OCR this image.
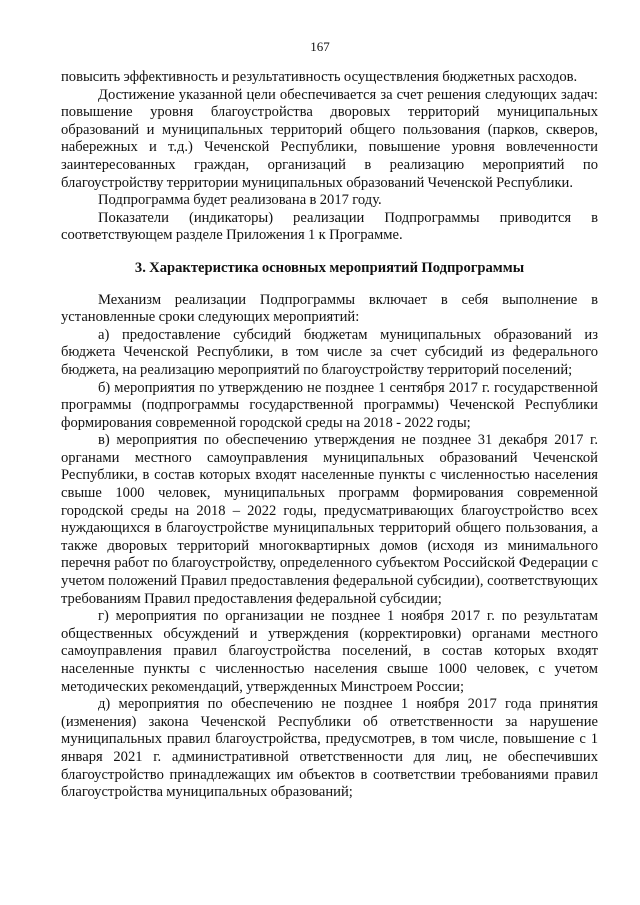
167

повысить эффективность и результативность осуществления бюджетных расходов.

Достижение указанной цели обеспечивается за счет решения следующих задач: повышение уровня благоустройства дворовых территорий муниципальных образований и муниципальных территорий общего пользования (парков, скверов, набережных и т.д.) Чеченской Республики, повышение уровня вовлеченности заинтересованных граждан, организаций в реализацию мероприятий по благоустройству территории муниципальных образований Чеченской Республики.

Подпрограмма будет реализована в 2017 году.

Показатели (индикаторы) реализации Подпрограммы приводится в соответствующем разделе Приложения 1 к Программе.

3. Характеристика основных мероприятий Подпрограммы

Механизм реализации Подпрограммы включает в себя выполнение в установленные сроки следующих мероприятий:

а) предоставление субсидий бюджетам муниципальных образований из бюджета Чеченской Республики, в том числе за счет субсидий из федерального бюджета, на реализацию мероприятий по благоустройству территорий поселений;

б) мероприятия по утверждению не позднее 1 сентября 2017 г. государственной программы (подпрограммы государственной программы) Чеченской Республики формирования современной городской среды на 2018 - 2022 годы;

в) мероприятия по обеспечению утверждения не позднее 31 декабря 2017 г. органами местного самоуправления муниципальных образований Чеченской Республики, в состав которых входят населенные пункты с численностью населения свыше 1000 человек, муниципальных программ формирования современной городской среды на 2018 – 2022 годы, предусматривающих благоустройство всех нуждающихся в благоустройстве муниципальных территорий общего пользования, а также дворовых территорий многоквартирных домов (исходя из минимального перечня работ по благоустройству, определенного субъектом Российской Федерации с учетом положений Правил предоставления федеральной субсидии), соответствующих требованиям Правил предоставления федеральной субсидии;

г) мероприятия по организации не позднее 1 ноября 2017 г. по результатам общественных обсуждений и утверждения (корректировки) органами местного самоуправления правил благоустройства поселений, в состав которых входят населенные пункты с численностью населения свыше 1000 человек, с учетом методических рекомендаций, утвержденных Минстроем России;

д) мероприятия по обеспечению не позднее 1 ноября 2017 года принятия (изменения) закона Чеченской Республики об ответственности за нарушение муниципальных правил благоустройства, предусмотрев, в том числе, повышение с 1 января 2021 г. административной ответственности для лиц, не обеспечивших благоустройство принадлежащих им объектов в соответствии требованиями правил благоустройства муниципальных образований;
